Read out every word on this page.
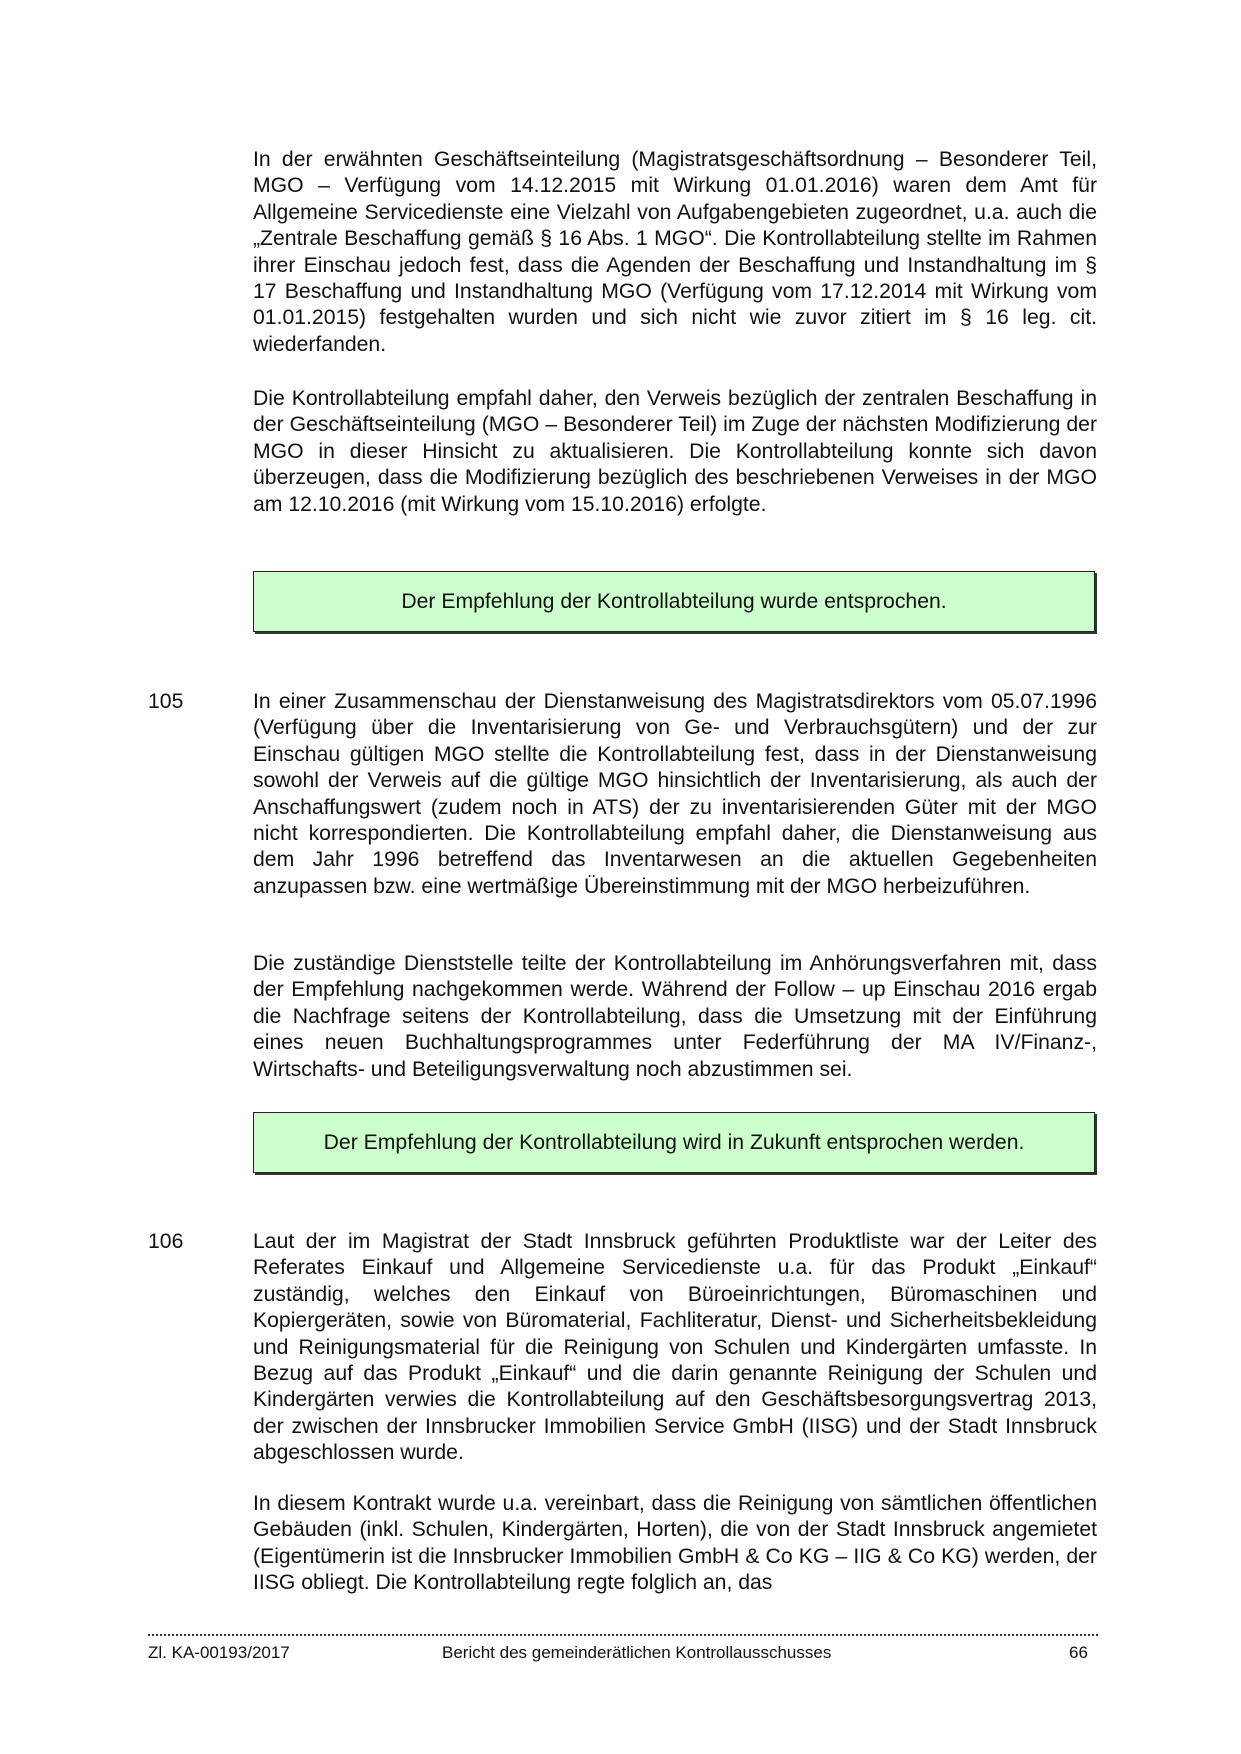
In der erwähnten Geschäftseinteilung (Magistratsgeschäftsordnung – Besonderer Teil, MGO – Verfügung vom 14.12.2015 mit Wirkung 01.01.2016) waren dem Amt für Allgemeine Servicedienste eine Vielzahl von Aufgabengebieten zugeordnet, u.a. auch die „Zentrale Beschaffung gemäß § 16 Abs. 1 MGO“. Die Kontrollabteilung stellte im Rahmen ihrer Einschau jedoch fest, dass die Agenden der Beschaffung und Instandhaltung im § 17 Beschaffung und Instandhaltung MGO (Verfügung vom 17.12.2014 mit Wirkung vom 01.01.2015) festgehalten wurden und sich nicht wie zuvor zitiert im § 16 leg. cit. wiederfanden.

Die Kontrollabteilung empfahl daher, den Verweis bezüglich der zentralen Beschaffung in der Geschäftseinteilung (MGO – Besonderer Teil) im Zuge der nächsten Modifizierung der MGO in dieser Hinsicht zu aktualisieren. Die Kontrollabteilung konnte sich davon überzeugen, dass die Modifizierung bezüglich des beschriebenen Verweises in der MGO am 12.10.2016 (mit Wirkung vom 15.10.2016) erfolgte.

Der Empfehlung der Kontrollabteilung wurde entsprochen.
105	In einer Zusammenschau der Dienstanweisung des Magistratsdirektors vom 05.07.1996 (Verfügung über die Inventarisierung von Ge- und Verbrauchsgütern) und der zur Einschau gültigen MGO stellte die Kontrollabteilung fest, dass in der Dienstanweisung sowohl der Verweis auf die gültige MGO hinsichtlich der Inventarisierung, als auch der Anschaffungswert (zudem noch in ATS) der zu inventarisierenden Güter mit der MGO nicht korrespondierten. Die Kontrollabteilung empfahl daher, die Dienstanweisung aus dem Jahr 1996 betreffend das Inventarwesen an die aktuellen Gegebenheiten anzupassen bzw. eine wertmäßige Übereinstimmung mit der MGO herbeizuführen.

Die zuständige Dienststelle teilte der Kontrollabteilung im Anhörungsverfahren mit, dass der Empfehlung nachgekommen werde. Während der Follow – up Einschau 2016 ergab die Nachfrage seitens der Kontrollabteilung, dass die Umsetzung mit der Einführung eines neuen Buchhaltungsprogrammes unter Federführung der MA IV/Finanz-, Wirtschafts- und Beteiligungsverwaltung noch abzustimmen sei.

Der Empfehlung der Kontrollabteilung wird in Zukunft entsprochen werden.
106	Laut der im Magistrat der Stadt Innsbruck geführten Produktliste war der Leiter des Referates Einkauf und Allgemeine Servicedienste u.a. für das Produkt „Einkauf“ zuständig, welches den Einkauf von Büroeinrichtungen, Büromaschinen und Kopiergeräten, sowie von Büromaterial, Fachliteratur, Dienst- und Sicherheitsbekleidung und Reinigungsmaterial für die Reinigung von Schulen und Kindergärten umfasste. In Bezug auf das Produkt „Einkauf“ und die darin genannte Reinigung der Schulen und Kindergärten verwies die Kontrollabteilung auf den Geschäftsbesorgungsvertrag 2013, der zwischen der Innsbrucker Immobilien Service GmbH (IISG) und der Stadt Innsbruck abgeschlossen wurde.

In diesem Kontrakt wurde u.a. vereinbart, dass die Reinigung von sämtlichen öffentlichen Gebäuden (inkl. Schulen, Kindergärten, Horten), die von der Stadt Innsbruck angemietet (Eigentümerin ist die Innsbrucker Immobilien GmbH & Co KG – IIG & Co KG) werden, der IISG obliegt. Die Kontrollabteilung regte folglich an, das

Zl. KA-00193/2017	Bericht des gemeinderätlichen Kontrollausschusses	66
